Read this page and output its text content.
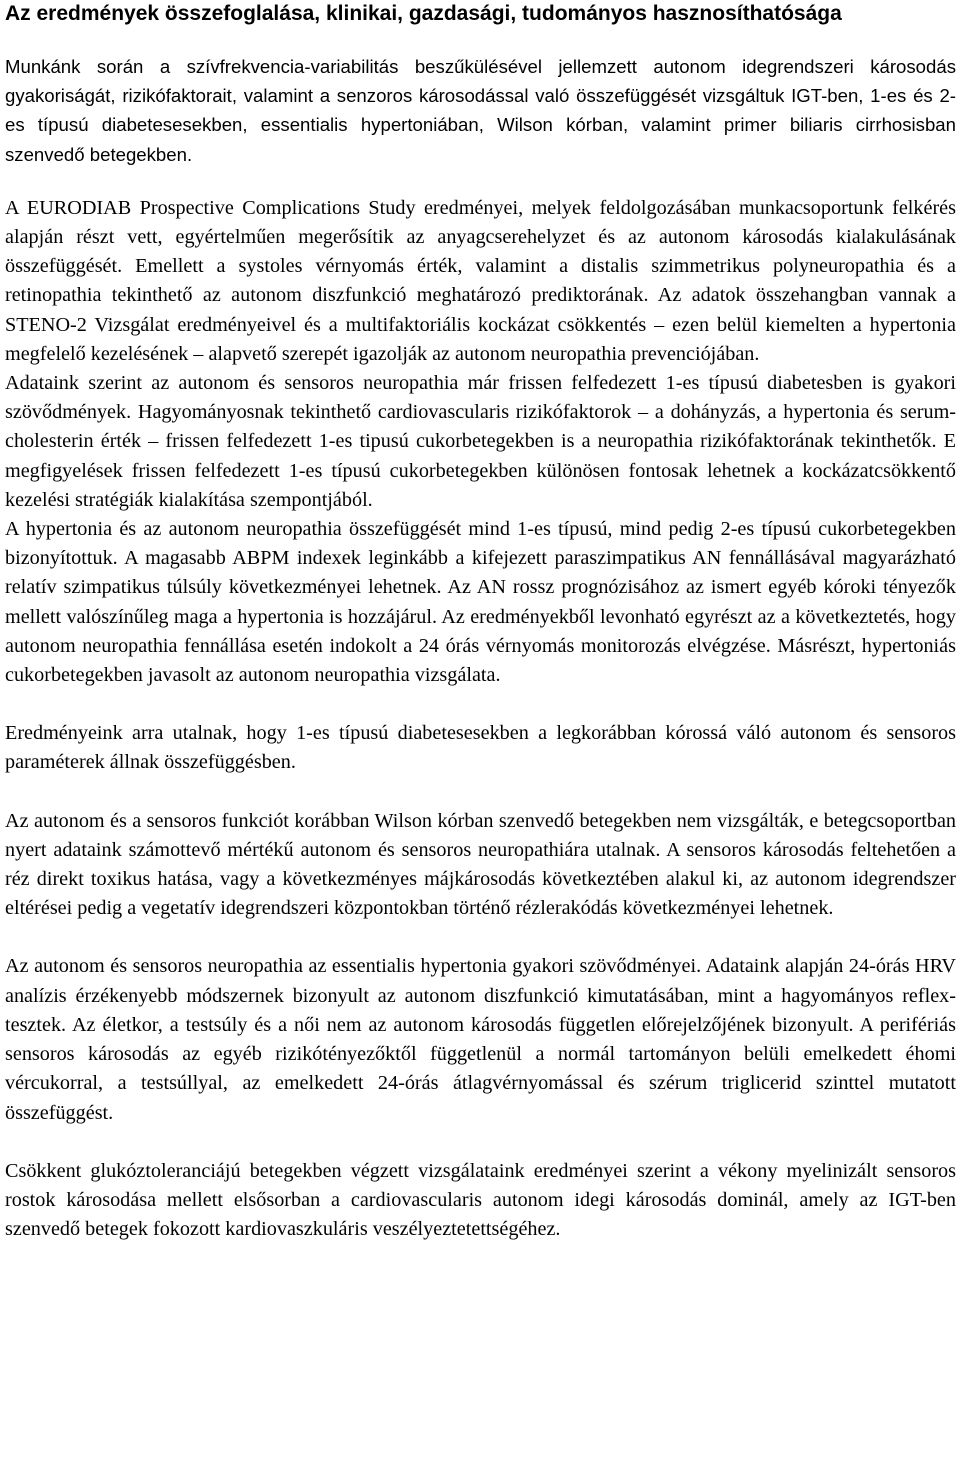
Az eredmények összefoglalása, klinikai, gazdasági, tudományos hasznosíthatósága

Munkánk során a szívfrekvencia-variabilitás beszűkülésével jellemzett autonom idegrendszeri károsodás gyakoriságát, rizikófaktorait, valamint a senzoros károsodással való összefüggését vizsgáltuk IGT-ben, 1-es és 2-es típusú diabetesesekben, essentialis hypertoniában, Wilson kórban, valamint primer biliaris cirrhosisban szenvedő betegekben.

A EURODIAB Prospective Complications Study eredményei, melyek feldolgozásában munkacsoportunk felkérés alapján részt vett, egyértelműen megerősítik az anyagcserehelyzet és az autonom károsodás kialakulásának összefüggését. Emellett a systoles vérnyomás érték, valamint a distalis szimmetrikus polyneuropathia és a retinopathia tekinthető az autonom diszfunkció meghatározó prediktorának. Az adatok összehangban vannak a STENO-2 Vizsgálat eredményeivel és a multifaktoriális kockázat csökkentés – ezen belül kiemelten a hypertonia megfelelő kezelésének – alapvető szerepét igazolják az autonom neuropathia prevenciójában.

Adataink szerint az autonom és sensoros neuropathia már frissen felfedezett 1-es típusú diabetesben is gyakori szövődmények. Hagyományosnak tekinthető cardiovascularis rizikófaktorok – a dohányzás, a hypertonia és serum-cholesterin érték – frissen felfedezett 1-es tipusú cukorbetegekben is a neuropathia rizikófaktorának tekinthetők. E megfigyelések frissen felfedezett 1-es típusú cukorbetegekben különösen fontosak lehetnek a kockázatcsökkentő kezelési stratégiák kialakítása szempontjából.

A hypertonia és az autonom neuropathia összefüggését mind 1-es típusú, mind pedig 2-es típusú cukorbetegekben bizonyítottuk. A magasabb ABPM indexek leginkább a kifejezett paraszimpatikus AN fennállásával magyarázható relatív szimpatikus túlsúly következményei lehetnek. Az AN rossz prognózisához az ismert egyéb kóroki tényezők mellett valószínűleg maga a hypertonia is hozzájárul. Az eredményekből levonható egyrészt az a következtetés, hogy autonom neuropathia fennállása esetén indokolt a 24 órás vérnyomás monitorozás elvégzése. Másrészt, hypertoniás cukorbetegekben javasolt az autonom neuropathia vizsgálata.

Eredményeink arra utalnak, hogy 1-es típusú diabetesesekben a legkorábban kórossá váló autonom és sensoros paraméterek állnak összefüggésben.

Az autonom és a sensoros funkciót korábban Wilson kórban szenvedő betegekben nem vizsgálták, e betegcsoportban nyert adataink számottevő mértékű autonom és sensoros neuropathiára utalnak. A sensoros károsodás feltehetően a réz direkt toxikus hatása, vagy a következményes májkárosodás következtében alakul ki, az autonom idegrendszer eltérései pedig a vegetatív idegrendszeri központokban történő rézlerakódás következményei lehetnek.

Az autonom és sensoros neuropathia az essentialis hypertonia gyakori szövődményei. Adataink alapján 24-órás HRV analízis érzékenyebb módszernek bizonyult az autonom diszfunkció kimutatásában, mint a hagyományos reflex-tesztek. Az életkor, a testsúly és a női nem az autonom károsodás független előrejelzőjének bizonyult. A perifériás sensoros károsodás az egyéb rizikótényezőktől függetlenül a normál tartományon belüli emelkedett éhomi vércukorral, a testsúllyal, az emelkedett 24-órás átlagvérnyomással és szérum triglicerid szinttel mutatott összefüggést.

Csökkent glukóztoleranciájú betegekben végzett vizsgálataink eredményei szerint a vékony myelinizált sensoros rostok károsodása mellett elsősorban a cardiovascularis autonom idegi károsodás dominál, amely az IGT-ben szenvedő betegek fokozott kardiovaszkuláris veszélyeztetettségéhez.
